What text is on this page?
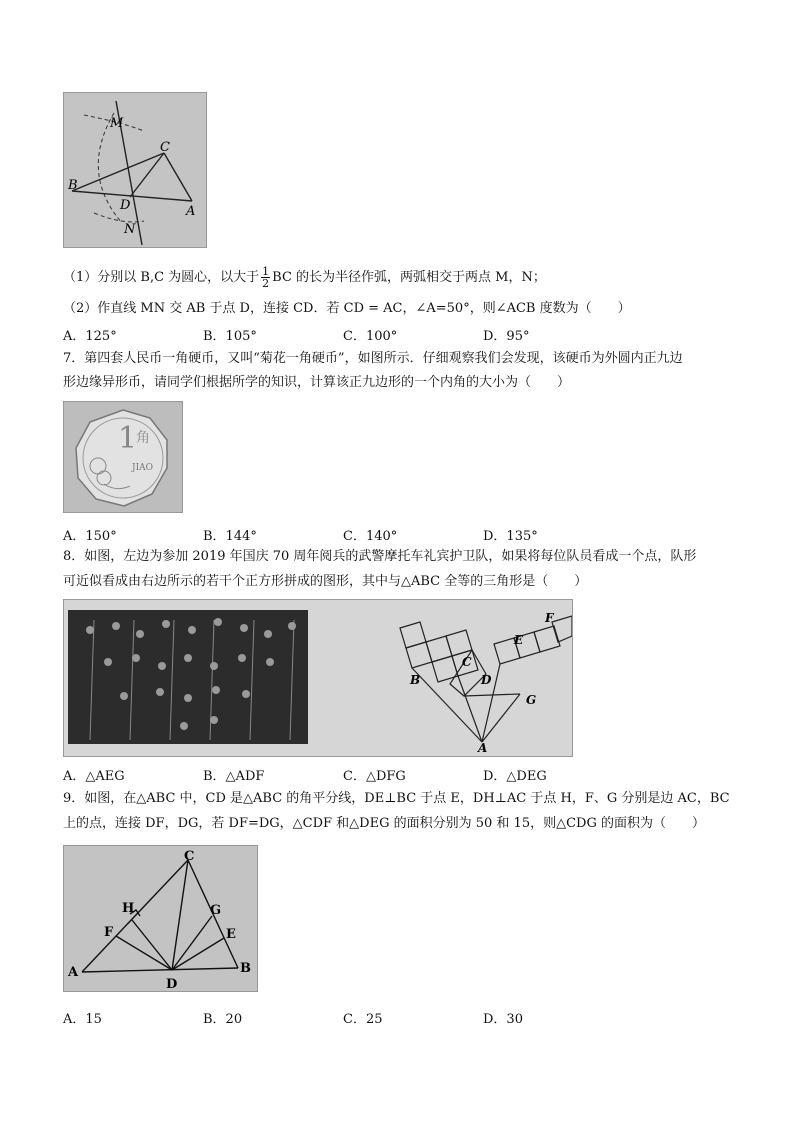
M
C
B
D	A
N
（1）分别以 B,C 为圆心，以大于 $\frac{1}{2}$ BC 的长为半径作弧，两弧相交于两点 M，N；
（2）作直线 MN 交 AB 于点 D，连接 CD．若 CD = AC，∠A=50°，则∠ACB 度数为（　　）
A．125°	B．105°	C．100°	D．95°
7．第四套人民币一角硬币，又叫“菊花一角硬币”，如图所示．仔细观察我们会发现，该硬币为外圆内正九边
形边缘异形币，请同学们根据所学的知识，计算该正九边形的一个内角的大小为（　　）
1
角
JIAO
A．150°	B．144°	C．140°	D．135°
8．如图，左边为参加 2019 年国庆 70 周年阅兵的武警摩托车礼宾护卫队，如果将每位队员看成一个点，队形
可近似看成由右边所示的若干个正方形拼成的图形，其中与△ABC 全等的三角形是（　　）
F
E
C
D
B
G
A
A．△AEG	B．△ADF	C．△DFG	D．△DEG
9．如图，在△ABC 中，CD 是△ABC 的角平分线，DE⊥BC 于点 E，DH⊥AC 于点 H，F、G 分别是边 AC，BC
上的点，连接 DF，DG，若 DF=DG，△CDF 和△DEG 的面积分别为 50 和 15，则△CDG 的面积为（　　）
C
H	G
F	E
A
D
B
A．15	B．20	C．25	D．30
